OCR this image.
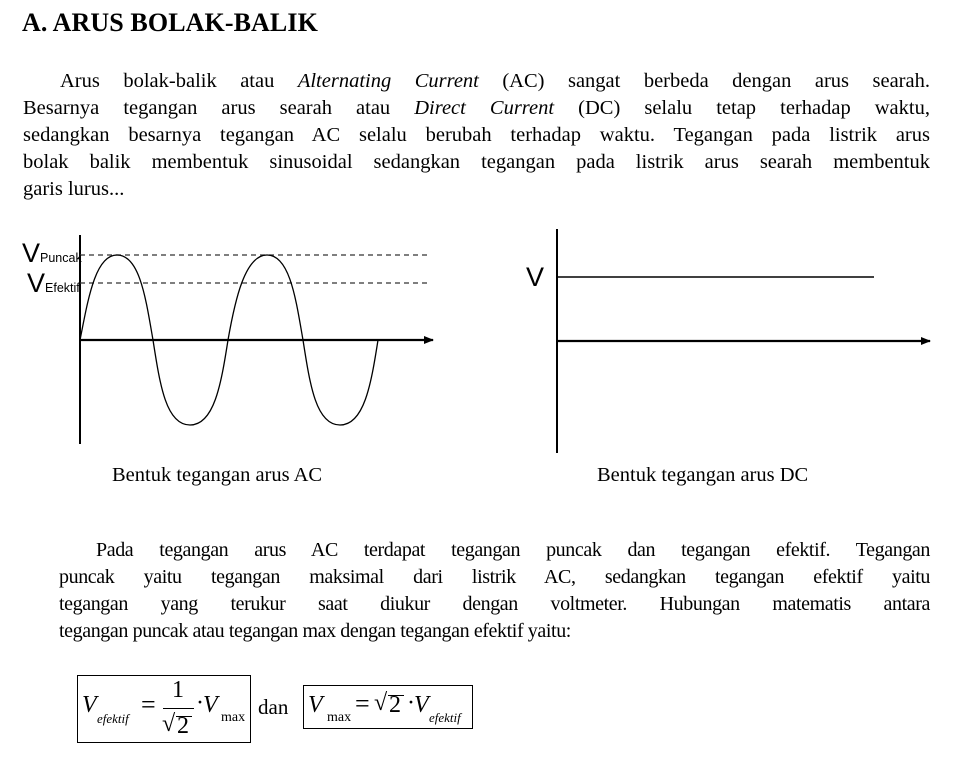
A. ARUS BOLAK-BALIK
Arus bolak-balik atau Alternating Current (AC) sangat berbeda dengan arus searah.
Besarnya tegangan arus searah atau Direct Current (DC) selalu tetap terhadap waktu,
sedangkan besarnya tegangan AC selalu berubah terhadap waktu. Tegangan pada listrik arus
bolak balik membentuk sinusoidal sedangkan tegangan pada listrik arus searah membentuk
garis lurus...
VPuncak
VEfektif
Bentuk tegangan arus AC
V
Bentuk tegangan arus DC
Pada tegangan arus AC terdapat tegangan puncak dan tegangan efektif. Tegangan
puncak yaitu tegangan maksimal dari listrik AC, sedangkan tegangan efektif yaitu
tegangan yang terukur saat diukur dengan voltmeter. Hubungan matematis antara
tegangan puncak atau tegangan max dengan tegangan efektif yaitu:
V
efektif = 1
√ 2
· V max dan V max = √ 2 · V efektif
